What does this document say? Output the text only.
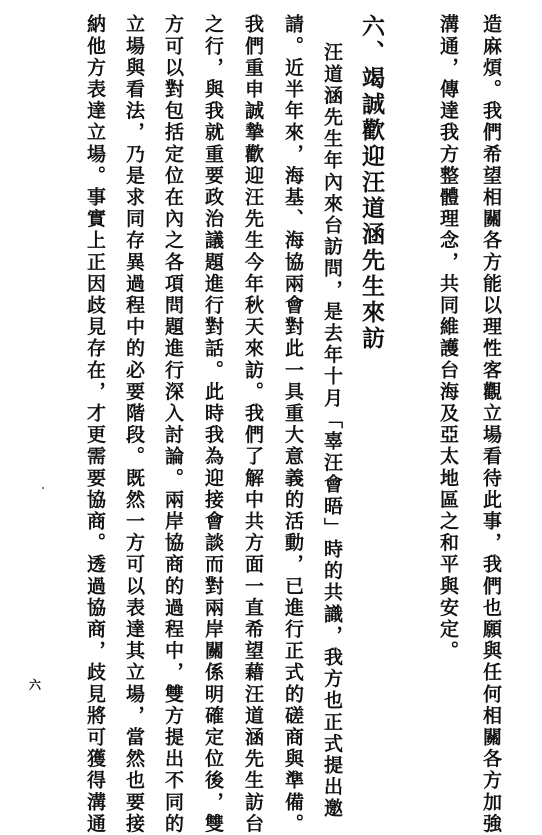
造麻煩。我們希望相關各方能以理性客觀立場看待此事，我們也願與任何相關各方加強
溝通，傳達我方整體理念，共同維護台海及亞太地區之和平與安定。
六、竭誠歡迎汪道涵先生來訪
汪道涵先生年內來台訪問，是去年十月「辜汪會晤」時的共識，我方也正式提出邀
請。近半年來，海基、海協兩會對此一具重大意義的活動，已進行正式的磋商與準備。
我們重申誠摯歡迎汪先生今年秋天來訪。我們了解中共方面一直希望藉汪道涵先生訪台
之行，與我就重要政治議題進行對話。此時我為迎接會談而對兩岸關係明確定位後，雙
方可以對包括定位在內之各項問題進行深入討論。兩岸協商的過程中，雙方提出不同的
立場與看法，乃是求同存異過程中的必要階段。既然一方可以表達其立場，當然也要接
納他方表達立場。事實上正因歧見存在，才更需要協商。透過協商，歧見將可獲得溝通
六
